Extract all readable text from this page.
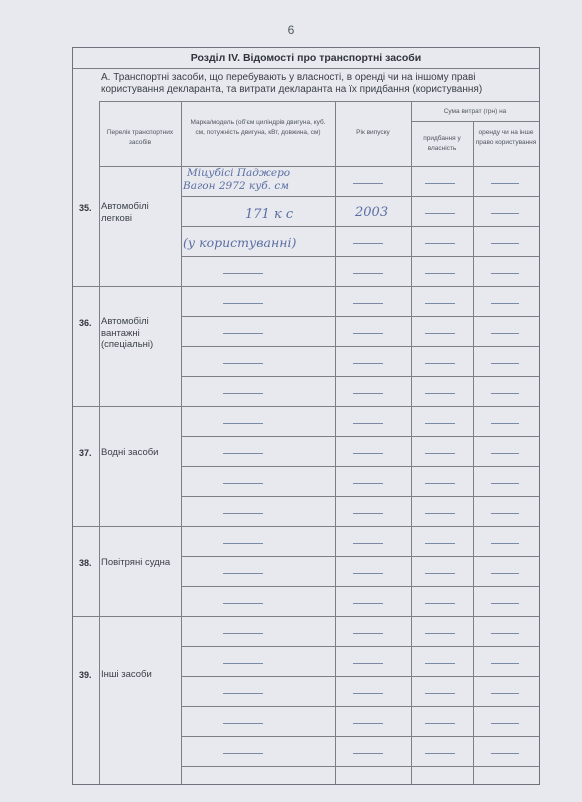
6
Розділ IV. Відомості про транспортні засоби
А. Транспортні засоби, що перебувають у власності, в оренді чи на іншому праві користування декларанта, та витрати декларанта на їх придбання (користування)
Перелік транспортних засобів
Марка/модель (об'єм циліндрів двигуна, куб. см, потужність двигуна, кВт, довжина, см)	Рік випуску
Сума витрат (грн) на
придбання у власність
оренду чи на інше право користування
35. Автомобілі легкові
36. Автомобілі вантажні (спеціальні)
37. Водні засоби
38. Повітряні судна
39. Інші засоби
Міцубісі Паджеро
Вагон 2972 куб. см
171 к с	2003
(у користуванні)
